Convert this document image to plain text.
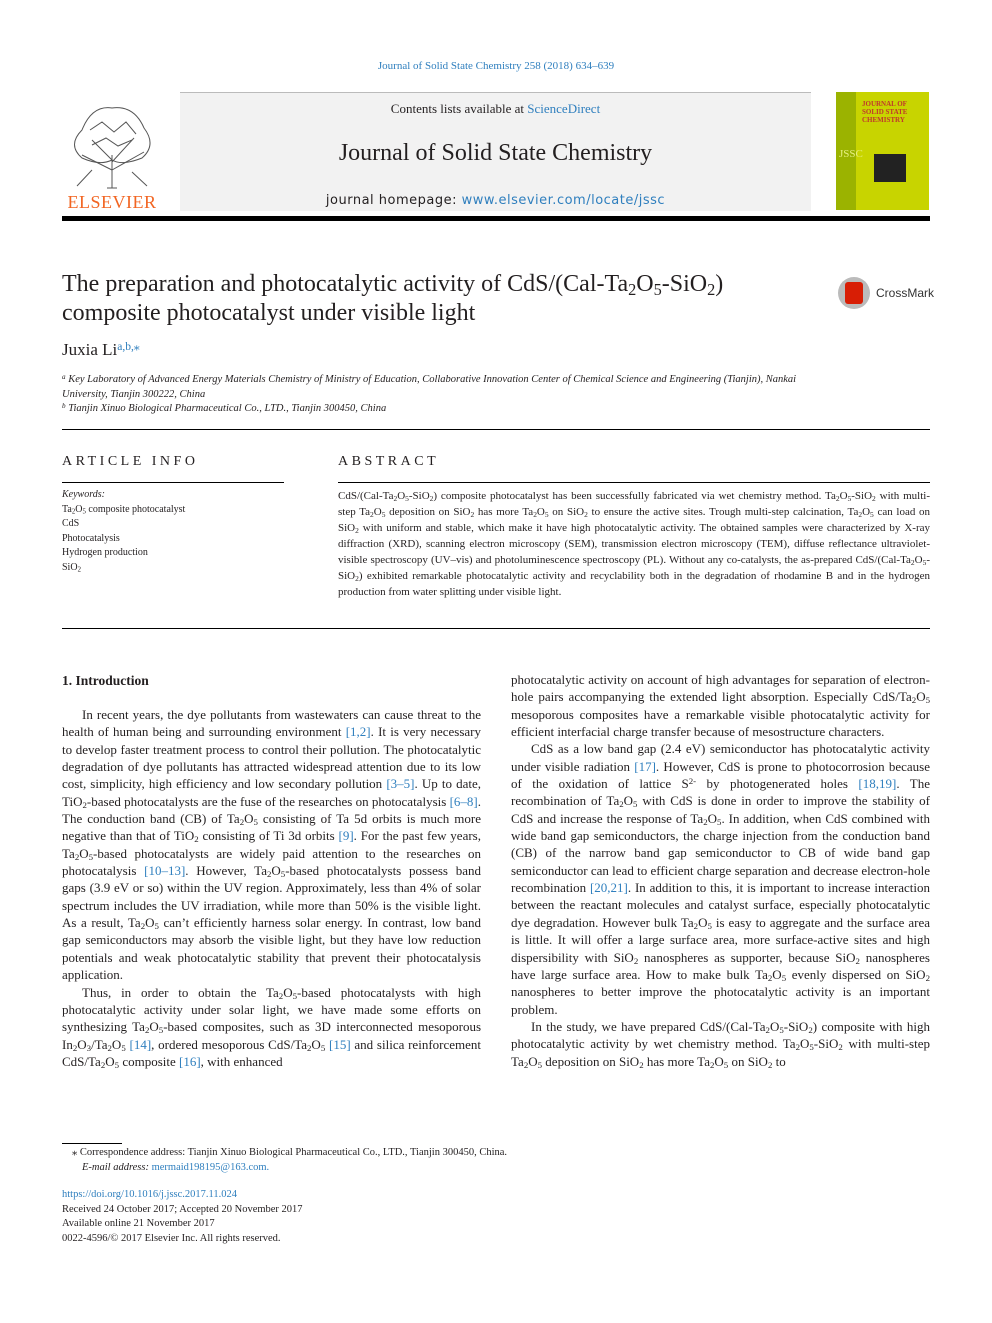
Journal of Solid State Chemistry 258 (2018) 634–639
ELSEVIER
Contents lists available at ScienceDirect
Journal of Solid State Chemistry
journal homepage: www.elsevier.com/locate/jssc
JSSC
JOURNAL OF SOLID STATE CHEMISTRY
The preparation and photocatalytic activity of CdS/$(Cal-Ta_2O_5-SiO_2)$ composite photocatalyst under visible light
CrossMark
Juxia $Li^{a,b,⁎}$
$^a$ Key Laboratory of Advanced Energy Materials Chemistry of Ministry of Education, Collaborative Innovation Center of Chemical Science and Engineering (Tianjin), Nankai University, Tianjin 300222, China
$^b$ Tianjin Xinuo Biological Pharmaceutical Co., LTD., Tianjin 300450, China
ARTICLE INFO	ABSTRACT
Keywords:
$Ta_2O_5$ composite photocatalyst
CdS
Photocatalysis
Hydrogen production
SiO$_2$
CdS/$(Cal-Ta_2O_5-SiO_2)$ composite photocatalyst has been successfully fabricated via wet chemistry method. $Ta_2O_5-SiO_2$ with multi-step $Ta_2O_5$ deposition on SiO$_2$ has more $Ta_2O_5$ on SiO$_2$ to ensure the active sites. Trough multi-step calcination, $Ta_2O_5$ can load on SiO$_2$ with uniform and stable, which make it have high photocatalytic activity. The obtained samples were characterized by X-ray diffraction (XRD), scanning electron microscopy (SEM), transmission electron microscopy (TEM), diffuse reflectance ultraviolet-visible spectroscopy (UV–vis) and photoluminescence spectroscopy (PL). Without any co-catalysts, the as-prepared CdS/$(Cal-Ta_2O_5-SiO_2)$ exhibited remarkable photocatalytic activity and recyclability both in the degradation of rhodamine B and in the hydrogen production from water splitting under visible light.
1. Introduction

In recent years, the dye pollutants from wastewaters can cause threat to the health of human being and surrounding environment [1,2]. It is very necessary to develop faster treatment process to control their pollution. The photocatalytic degradation of dye pollutants has attracted widespread attention due to its low cost, simplicity, high efficiency and low secondary pollution [3–5]. Up to date, TiO$_2$-based photocatalysts are the fuse of the researches on photocatalysis [6–8]. The conduction band (CB) of $Ta_2O_5$ consisting of Ta 5d orbits is much more negative than that of TiO$_2$ consisting of Ti 3d orbits [9]. For the past few years, $Ta_2O_5$-based photocatalysts are widely paid attention to the researches on photocatalysis [10–13]. However, $Ta_2O_5$-based photocatalysts possess band gaps (3.9 eV or so) within the UV region. Approximately, less than 4% of solar spectrum includes the UV irradiation, while more than 50% is the visible light. As a result, $Ta_2O_5$ can’t efficiently harness solar energy. In contrast, low band gap semiconductors may absorb the visible light, but they have low reduction potentials and weak photocatalytic stability that prevent their photocatalysis application.

Thus, in order to obtain the $Ta_2O_5$-based photocatalysts with high photocatalytic activity under solar light, we have made some efforts on synthesizing $Ta_2O_5$-based composites, such as 3D interconnected mesoporous $In_2O_3/Ta_2O_5$ [14], ordered mesoporous CdS/$Ta_2O_5$ [15] and silica reinforcement CdS/$Ta_2O_5$ composite [16], with enhanced

photocatalytic activity on account of high advantages for separation of electron-hole pairs accompanying the extended light absorption. Especially CdS/$Ta_2O_5$ mesoporous composites have a remarkable visible photocatalytic activity for efficient interfacial charge transfer because of mesostructure characters.

CdS as a low band gap (2.4 eV) semiconductor has photocatalytic activity under visible radiation [17]. However, CdS is prone to photocorrosion because of the oxidation of lattice $S^{2-}$ by photogenerated holes [18,19]. The recombination of $Ta_2O_5$ with CdS is done in order to improve the stability of CdS and increase the response of $Ta_2O_5$. In addition, when CdS combined with wide band gap semiconductors, the charge injection from the conduction band (CB) of the narrow band gap semiconductor to CB of wide band gap semiconductor can lead to efficient charge separation and decrease electron-hole recombination [20,21]. In addition to this, it is important to increase interaction between the reactant molecules and catalyst surface, especially photocatalytic dye degradation. However bulk $Ta_2O_5$ is easy to aggregate and the surface area is little. It will offer a large surface area, more surface-active sites and high dispersibility with SiO$_2$ nanospheres as supporter, because SiO$_2$ nanospheres have large surface area. How to make bulk $Ta_2O_5$ evenly dispersed on SiO$_2$ nanospheres to better improve the photocatalytic activity is an important problem.

In the study, we have prepared CdS/$(Cal-Ta_2O_5-SiO_2)$ composite with high photocatalytic activity by wet chemistry method. $Ta_2O_5-SiO_2$ with multi-step $Ta_2O_5$ deposition on SiO$_2$ has more $Ta_2O_5$ on SiO$_2$ to

⁎ Correspondence address: Tianjin Xinuo Biological Pharmaceutical Co., LTD., Tianjin 300450, China.
E-mail address: mermaid198195@163.com.
https://doi.org/10.1016/j.jssc.2017.11.024
Received 24 October 2017; Accepted 20 November 2017
Available online 21 November 2017
0022-4596/© 2017 Elsevier Inc. All rights reserved.
